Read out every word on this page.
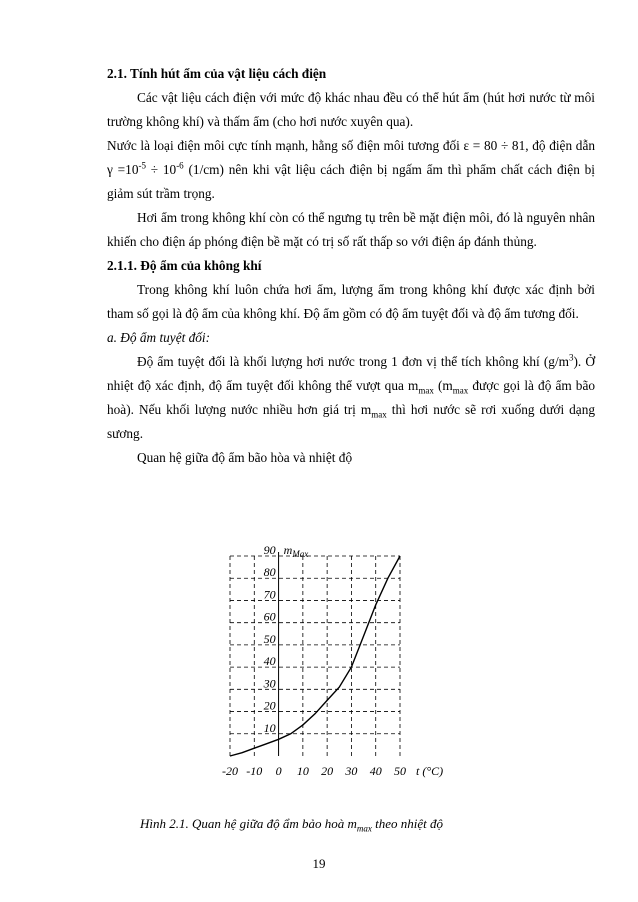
2.1. Tính hút ẩm của vật liệu cách điện

Các vật liệu cách điện với mức độ khác nhau đều có thể hút ẩm (hút hơi nước từ môi trường không khí) và thấm ẩm (cho hơi nước xuyên qua).

Nước là loại điện môi cực tính mạnh, hằng số điện môi tương đối ε = 80 ÷ 81, độ điện dẫn $\gamma =10^{-5} \div 10^{-6}$ (1/cm) nên khi vật liệu cách điện bị ngấm ẩm thì phẩm chất cách điện bị giảm sút trầm trọng.

Hơi ẩm trong không khí còn có thể ngưng tụ trên bề mặt điện môi, đó là nguyên nhân khiến cho điện áp phóng điện bề mặt có trị số rất thấp so với điện áp đánh thủng.

2.1.1. Độ ẩm của không khí

Trong không khí luôn chứa hơi ẩm, lượng ẩm trong không khí được xác định bởi tham số gọi là độ ẩm của không khí. Độ ẩm gồm có độ ẩm tuyệt đối và độ ẩm tương đối.

a. Độ ẩm tuyệt đối:

Độ ẩm tuyệt đối là khối lượng hơi nước trong 1 đơn vị thể tích không khí $(g/m^3)$. Ở nhiệt độ xác định, độ ẩm tuyệt đối không thể vượt qua $m_{max}$ ($m_{max}$ được gọi là độ ẩm bão hoà). Nếu khối lượng nước nhiều hơn giá trị $m_{max}$ thì hơi nước sẽ rơi xuống dưới dạng sương.

Quan hệ giữa độ ẩm bão hòa và nhiệt độ

-20 -10 0 10 20 30 40 50
10
20
30
40
50
60
70
80
90 $m_{Max}$
t (°C)
Hình 2.1. Quan hệ giữa độ ẩm bảo hoà $m_{max}$ theo nhiệt độ
19
